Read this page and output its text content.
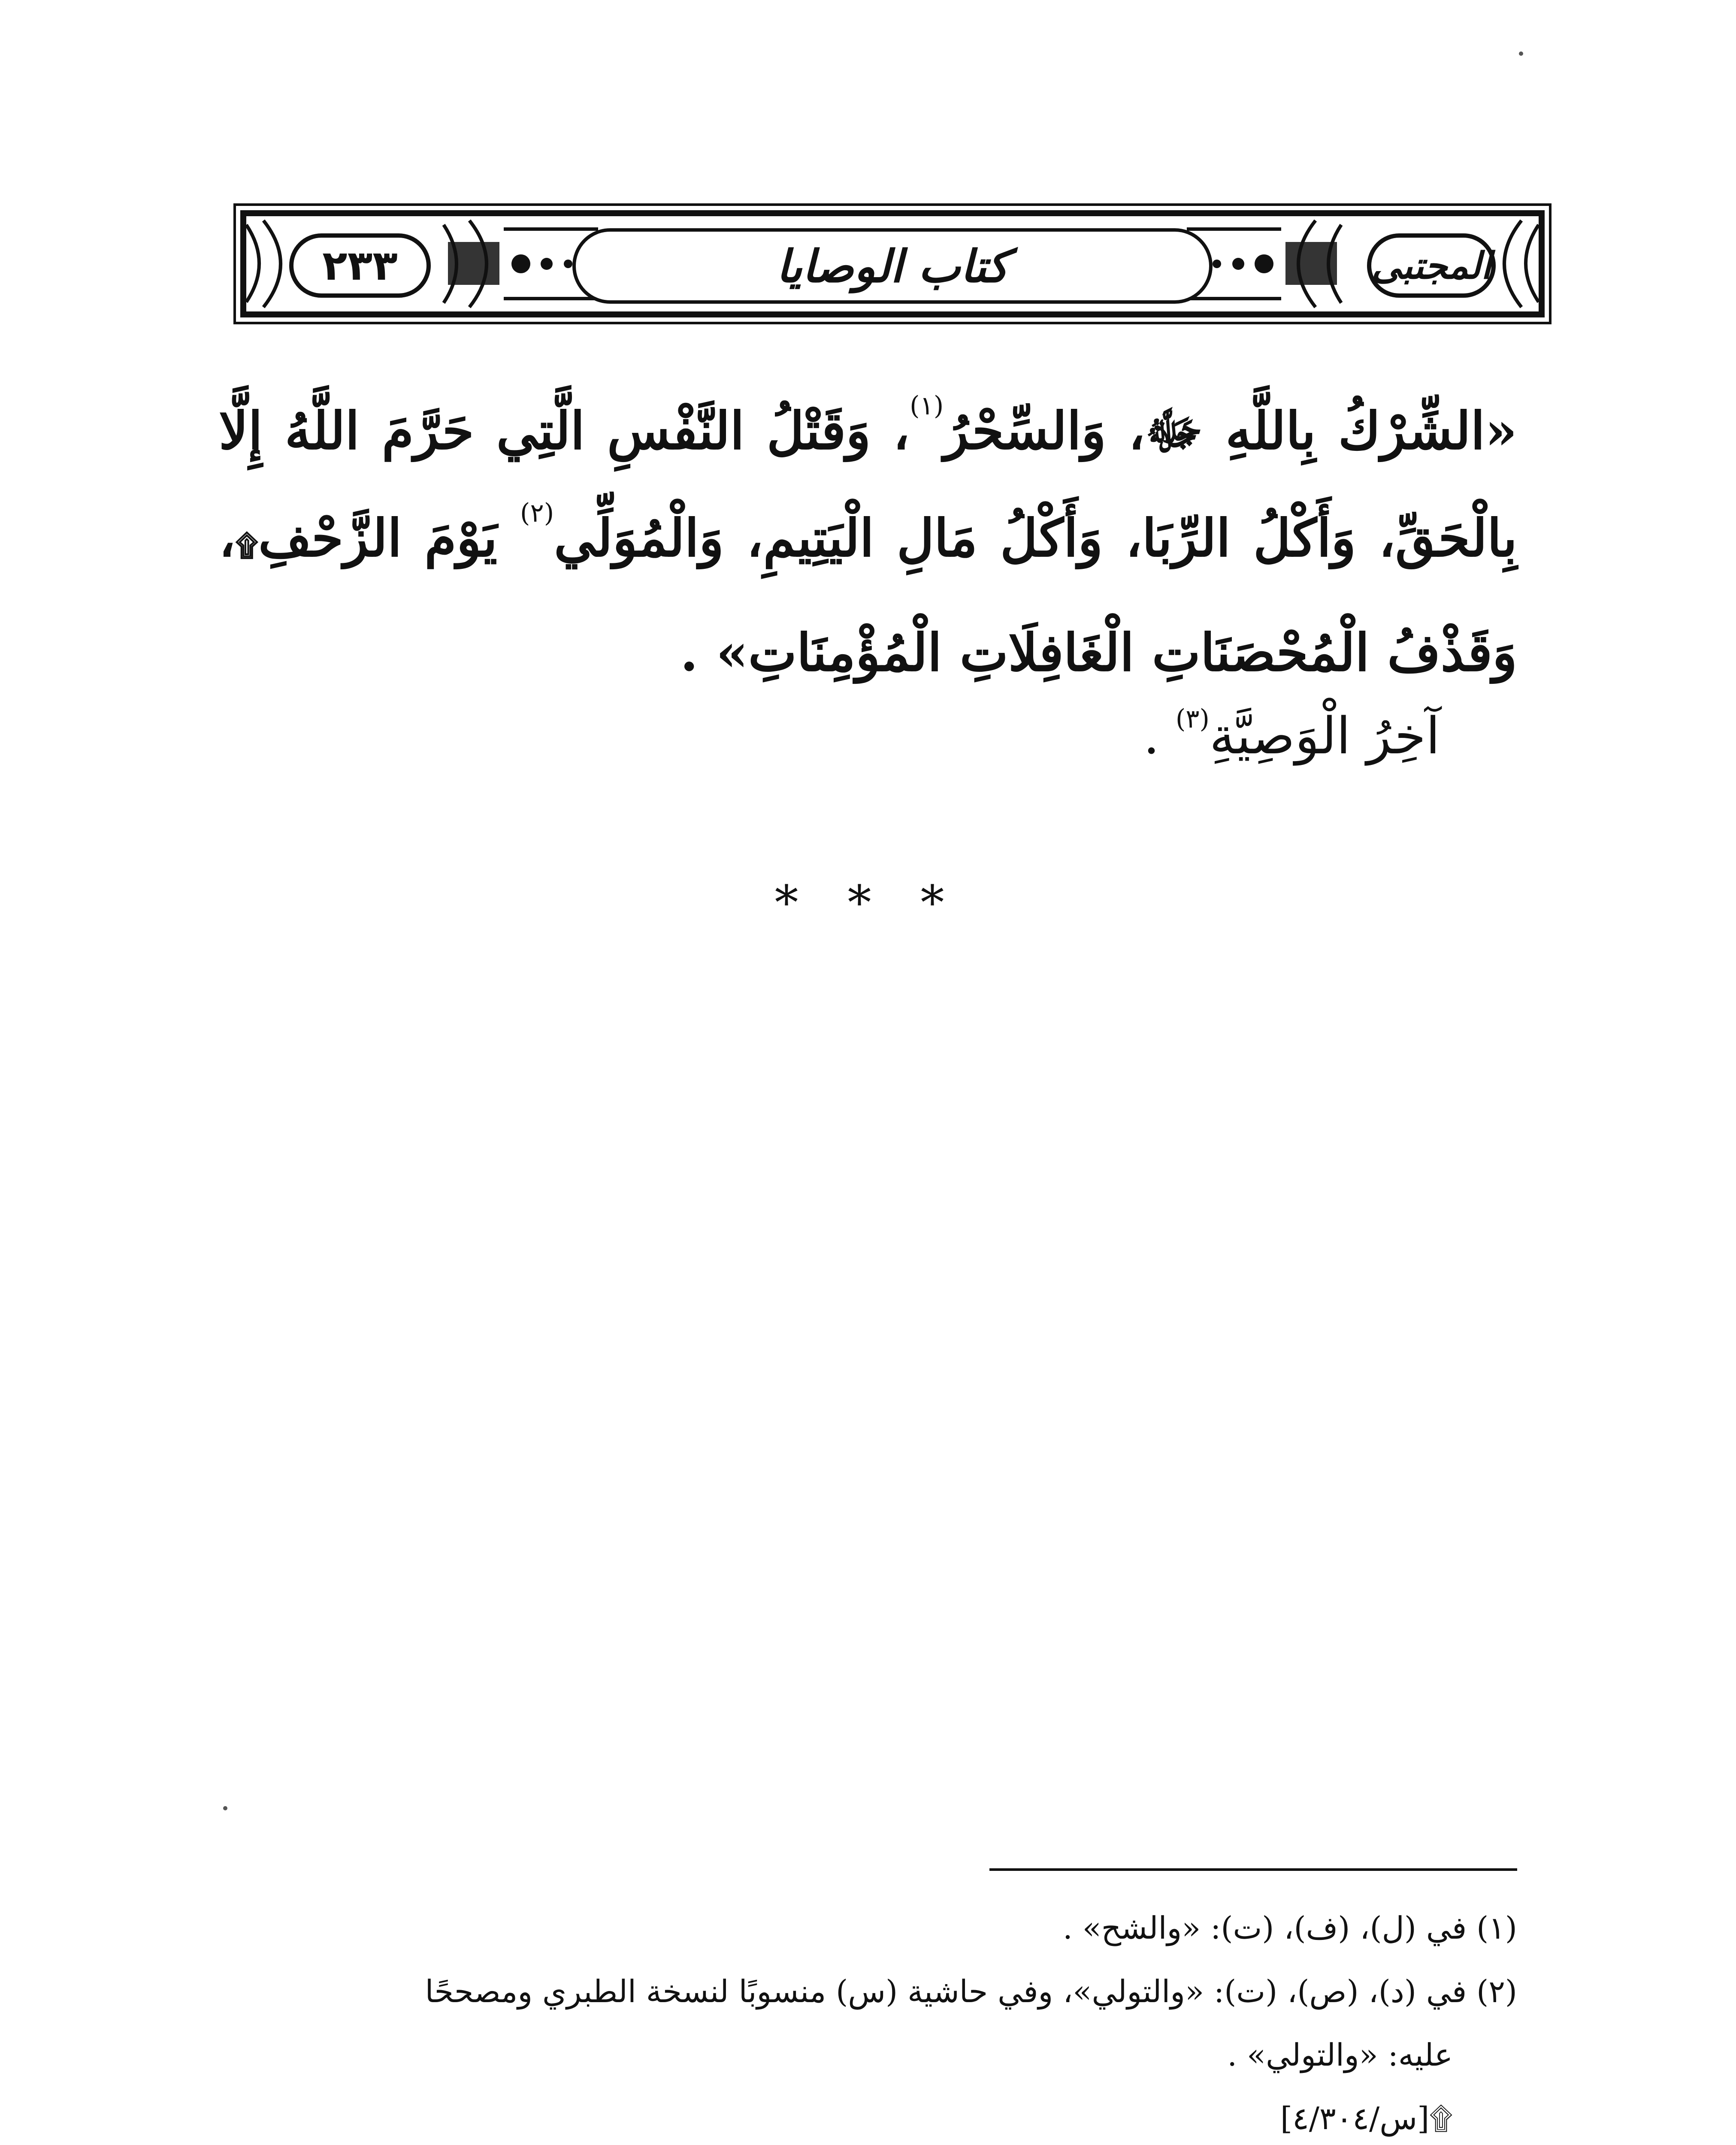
كتاب الوصايا
٢٣٣	المجتبى

«الشِّرْكُ بِاللَّهِ ﷻ، وَالسِّحْرُ$^{(١)}$، وَقَتْلُ النَّفْسِ الَّتِي حَرَّمَ اللَّهُ إِلَّا بِالْحَقِّ، وَأَكْلُ الرِّبَا، وَأَكْلُ مَالِ الْيَتِيمِ، وَالْمُوَلِّي$^{(٢)}$ يَوْمَ الزَّحْفِ۩، وَقَذْفُ الْمُحْصَنَاتِ الْغَافِلَاتِ الْمُؤْمِنَاتِ» .

آخِرُ الْوَصِيَّةِ$^{(٣)}$ .
* * *

(١) في (ل)، (ف)، (ت): «والشح» .

(٢) في (د)، (ص)، (ت): «والتولي»، وفي حاشية (س) منسوبًا لنسخة الطبري ومصححًا

عليه: «والتولي» .

۩[س/٤/٣٠٤]
